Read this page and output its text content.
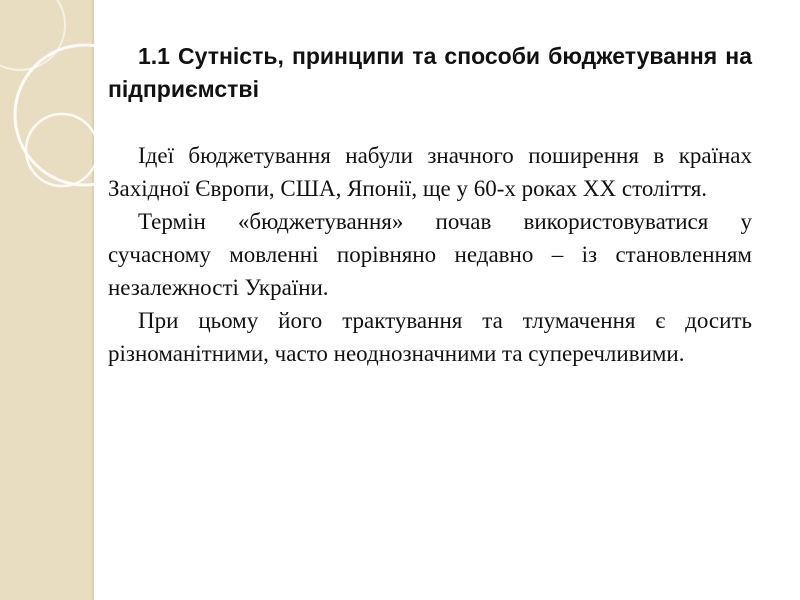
1.1 Сутність, принципи та способи бюджетування на підприємстві

Ідеї бюджетування набули значного поширення в країнах Західної Європи, США, Японії, ще у 60-х роках ХХ століття.

Термін «бюджетування» почав використовуватися у сучасному мовленні порівняно недавно – із становленням незалежності України.

При цьому його трактування та тлумачення є досить різноманітними, часто неоднозначними та суперечливими.
